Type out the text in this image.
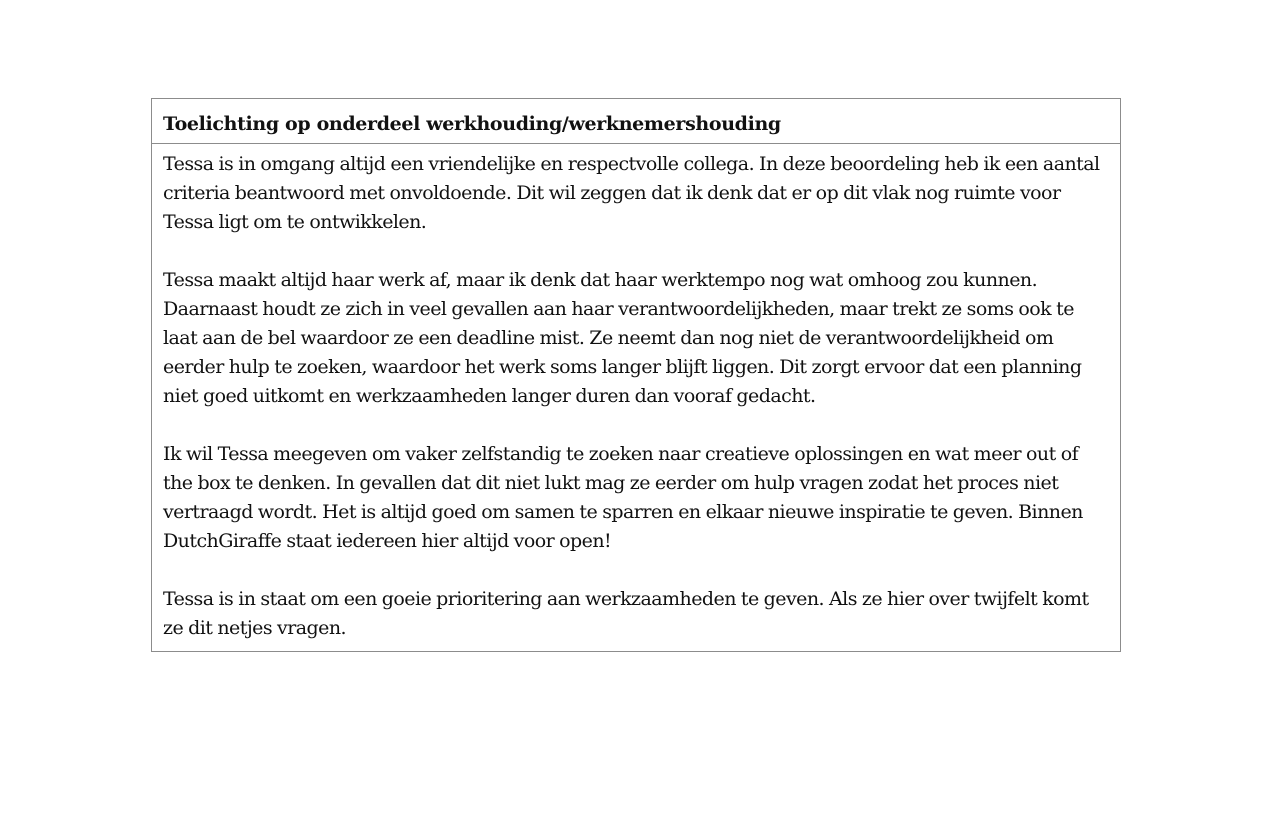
Toelichting op onderdeel werkhouding/werknemershouding

Tessa is in omgang altijd een vriendelijke en respectvolle collega. In deze beoordeling heb ik een aantal criteria beantwoord met onvoldoende. Dit wil zeggen dat ik denk dat er op dit vlak nog ruimte voor Tessa ligt om te ontwikkelen.

Tessa maakt altijd haar werk af, maar ik denk dat haar werktempo nog wat omhoog zou kunnen. Daarnaast houdt ze zich in veel gevallen aan haar verantwoordelijkheden, maar trekt ze soms ook te laat aan de bel waardoor ze een deadline mist. Ze neemt dan nog niet de verantwoordelijkheid om eerder hulp te zoeken, waardoor het werk soms langer blijft liggen. Dit zorgt ervoor dat een planning niet goed uitkomt en werkzaamheden langer duren dan vooraf gedacht.

Ik wil Tessa meegeven om vaker zelfstandig te zoeken naar creatieve oplossingen en wat meer out of the box te denken. In gevallen dat dit niet lukt mag ze eerder om hulp vragen zodat het proces niet vertraagd wordt. Het is altijd goed om samen te sparren en elkaar nieuwe inspiratie te geven. Binnen DutchGiraffe staat iedereen hier altijd voor open!

Tessa is in staat om een goeie prioritering aan werkzaamheden te geven. Als ze hier over twijfelt komt ze dit netjes vragen.
